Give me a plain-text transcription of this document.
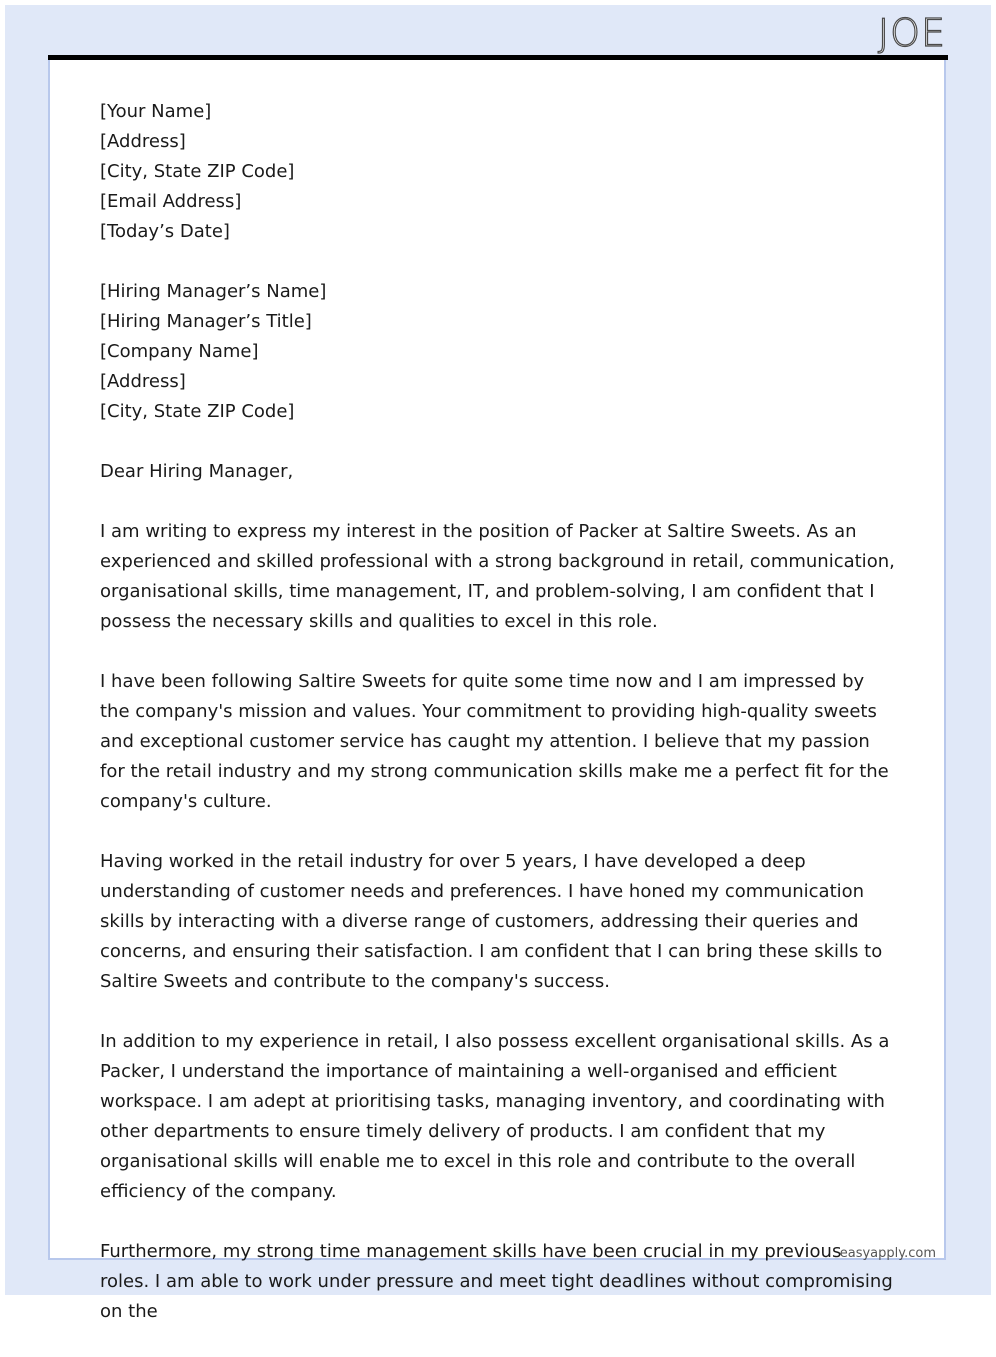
JOE
[Your Name]
[Address]
[City, State ZIP Code]
[Email Address]
[Today’s Date]
[Hiring Manager’s Name]
[Hiring Manager’s Title]
[Company Name]
[Address]
[City, State ZIP Code]
Dear Hiring Manager,
I am writing to express my interest in the position of Packer at Saltire Sweets. As an experienced and skilled professional with a strong background in retail, communication, organisational skills, time management, IT, and problem-solving, I am confident that I possess the necessary skills and qualities to excel in this role.
I have been following Saltire Sweets for quite some time now and I am impressed by the company's mission and values. Your commitment to providing high-quality sweets and exceptional customer service has caught my attention. I believe that my passion for the retail industry and my strong communication skills make me a perfect fit for the company's culture.
Having worked in the retail industry for over 5 years, I have developed a deep understanding of customer needs and preferences. I have honed my communication skills by interacting with a diverse range of customers, addressing their queries and concerns, and ensuring their satisfaction. I am confident that I can bring these skills to Saltire Sweets and contribute to the company's success.
In addition to my experience in retail, I also possess excellent organisational skills. As a Packer, I understand the importance of maintaining a well-organised and efficient workspace. I am adept at prioritising tasks, managing inventory, and coordinating with other departments to ensure timely delivery of products. I am confident that my organisational skills will enable me to excel in this role and contribute to the overall efficiency of the company.
Furthermore, my strong time management skills have been crucial in my previous roles. I am able to work under pressure and meet tight deadlines without compromising on the
easyapply.com
